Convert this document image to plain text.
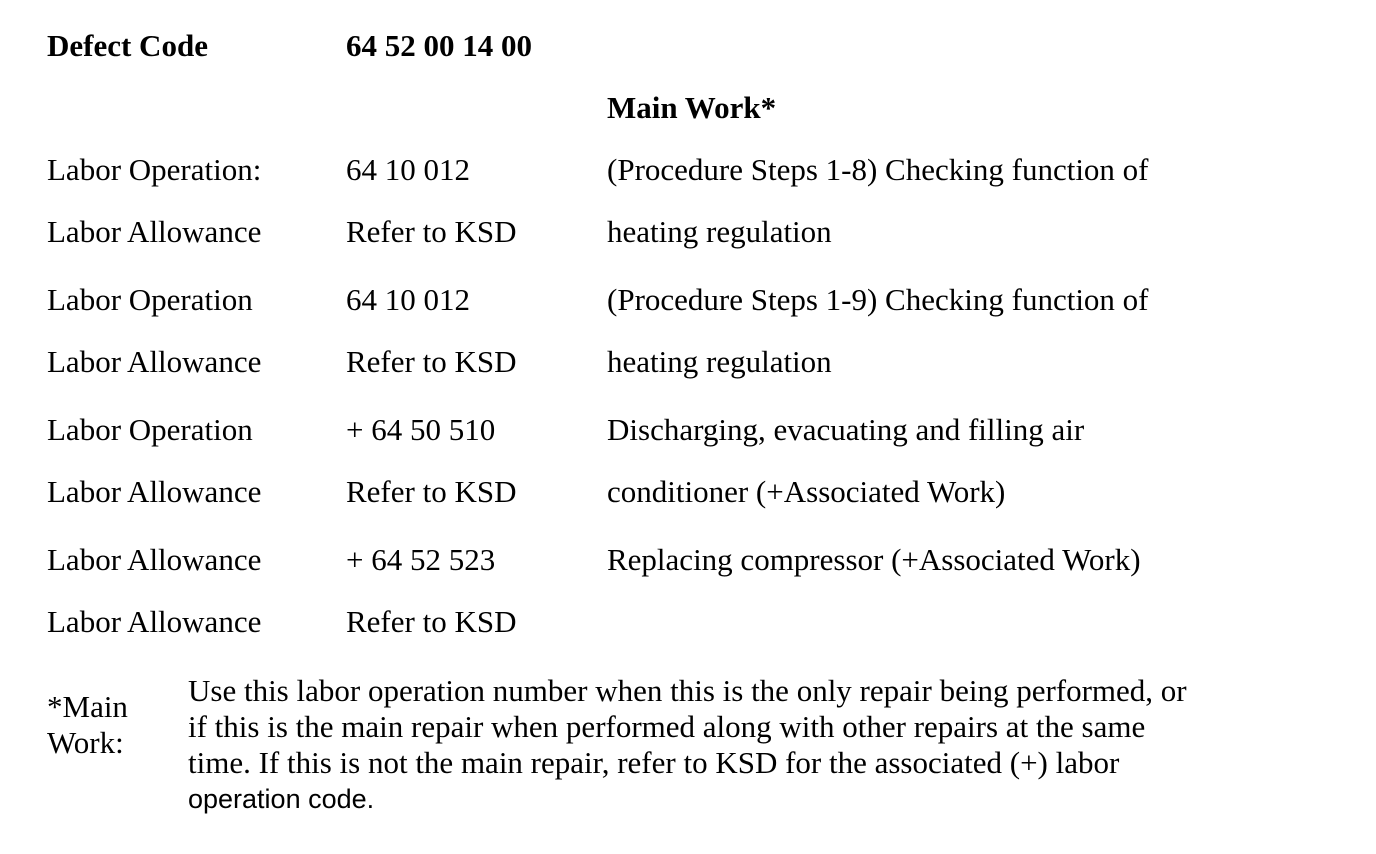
Defect Code	64 52 00 14 00
Main Work*
Labor Operation:	64 10 012	(Procedure Steps 1-8) Checking function of
Labor Allowance	Refer to KSD	heating regulation
Labor Operation	64 10 012	(Procedure Steps 1-9) Checking function of
Labor Allowance	Refer to KSD	heating regulation
Labor Operation	+ 64 50 510	Discharging, evacuating and filling air
Labor Allowance	Refer to KSD	conditioner (+Associated Work)
Labor Allowance	+ 64 52 523	Replacing compressor (+Associated Work)
Labor Allowance	Refer to KSD
*Main
Work:
Use this labor operation number when this is the only repair being performed, or
if this is the main repair when performed along with other repairs at the same
time. If this is not the main repair, refer to KSD for the associated (+) labor
operation code.
